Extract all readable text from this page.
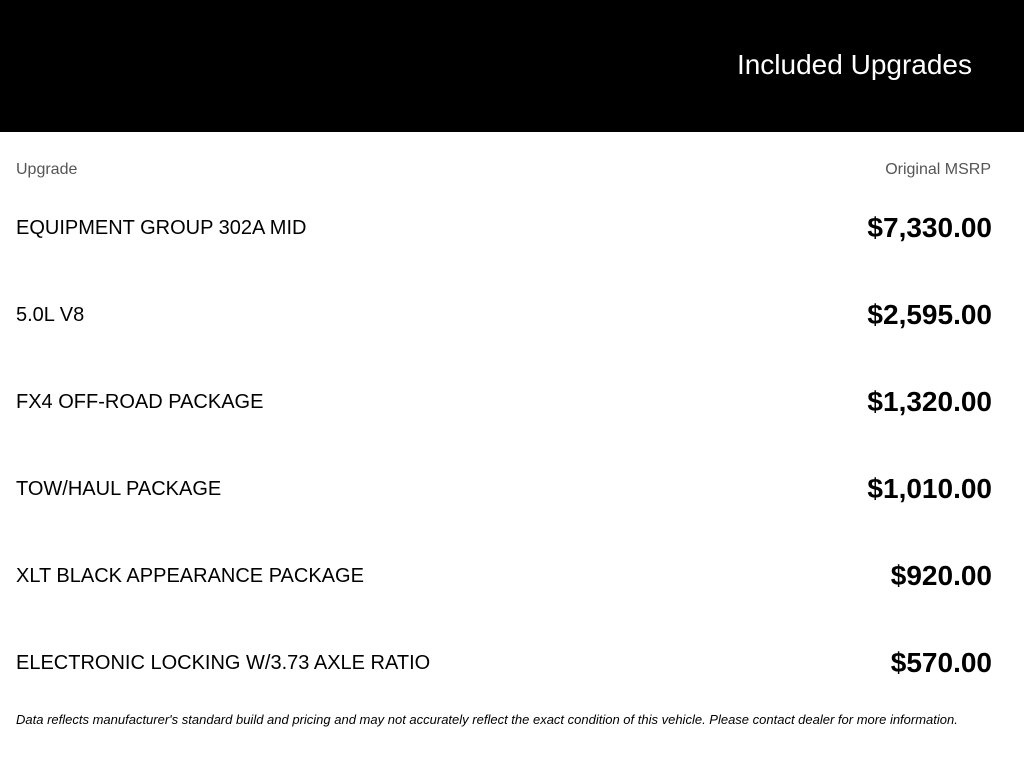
Included Upgrades
Upgrade	Original MSRP
EQUIPMENT GROUP 302A MID	$7,330.00
5.0L V8	$2,595.00
FX4 OFF-ROAD PACKAGE	$1,320.00
TOW/HAUL PACKAGE	$1,010.00
XLT BLACK APPEARANCE PACKAGE	$920.00
ELECTRONIC LOCKING W/3.73 AXLE RATIO	$570.00
Data reflects manufacturer's standard build and pricing and may not accurately reflect the exact condition of this vehicle. Please contact dealer for more information.
